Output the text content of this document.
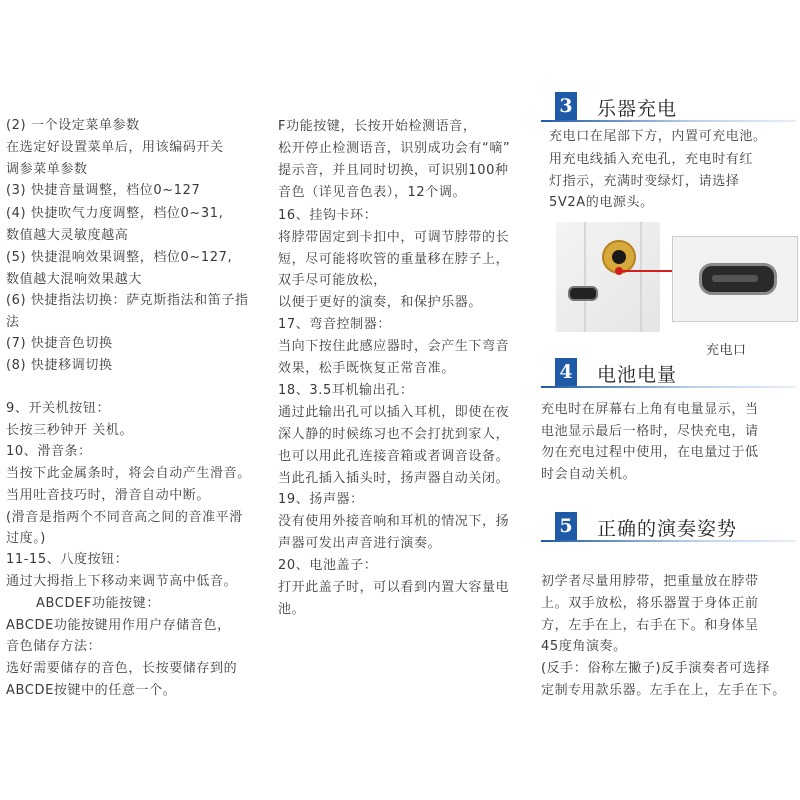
(2) 一个设定菜单参数
在选定好设置菜单后，用该编码开关
调参菜单参数
(3) 快捷音量调整，档位0~127
(4) 快捷吹气力度调整，档位0~31,
数值越大灵敏度越高
(5) 快捷混响效果调整，档位0~127,
数值越大混响效果越大
(6) 快捷指法切换：萨克斯指法和笛子指
法
(7) 快捷音色切换
(8) 快捷移调切换
9、开关机按钮：
长按三秒钟开 关机。
10、滑音条：
当按下此金属条时，将会自动产生滑音。
当用吐音技巧时，滑音自动中断。
(滑音是指两个不同音高之间的音准平滑
过度。)
11-15、八度按钮：
通过大拇指上下移动来调节高中低音。
ABCDEF功能按键：
ABCDE功能按键用作用户存储音色，
音色储存方法：
选好需要储存的音色，长按要储存到的
ABCDE按键中的任意一个。
F功能按键，长按开始检测语音，
松开停止检测语音，识别成功会有“嘀”
提示音，并且同时切换，可识别100种
音色（详见音色表），12个调。
16、挂钩卡环：
将脖带固定到卡扣中，可调节脖带的长
短，尽可能将吹管的重量移在脖子上，
双手尽可能放松，
以便于更好的演奏，和保护乐器。
17、弯音控制器：
当向下按住此感应器时，会产生下弯音
效果，松手既恢复正常音准。
18、3.5耳机输出孔：
通过此输出孔可以插入耳机，即使在夜
深人静的时候练习也不会打扰到家人，
也可以用此孔连接音箱或者调音设备。
当此孔插入插头时，扬声器自动关闭。
19、扬声器：
没有使用外接音响和耳机的情况下，扬
声器可发出声音进行演奏。
20、电池盖子：
打开此盖子时，可以看到内置大容量电
池。
3 乐器充电
充电口在尾部下方，内置可充电池。
用充电线插入充电孔，充电时有红
灯指示，充满时变绿灯，请选择
5V2A的电源头。
4 电池电量
充电时在屏幕右上角有电量显示，当
电池显示最后一格时，尽快充电，请
勿在充电过程中使用，在电量过于低
时会自动关机。
5 正确的演奏姿势
初学者尽量用脖带，把重量放在脖带
上。双手放松，将乐器置于身体正前
方，左手在上，右手在下。和身体呈
45度角演奏。
(反手：俗称左撇子)反手演奏者可选择
定制专用款乐器。左手在上，左手在下。
充电口
